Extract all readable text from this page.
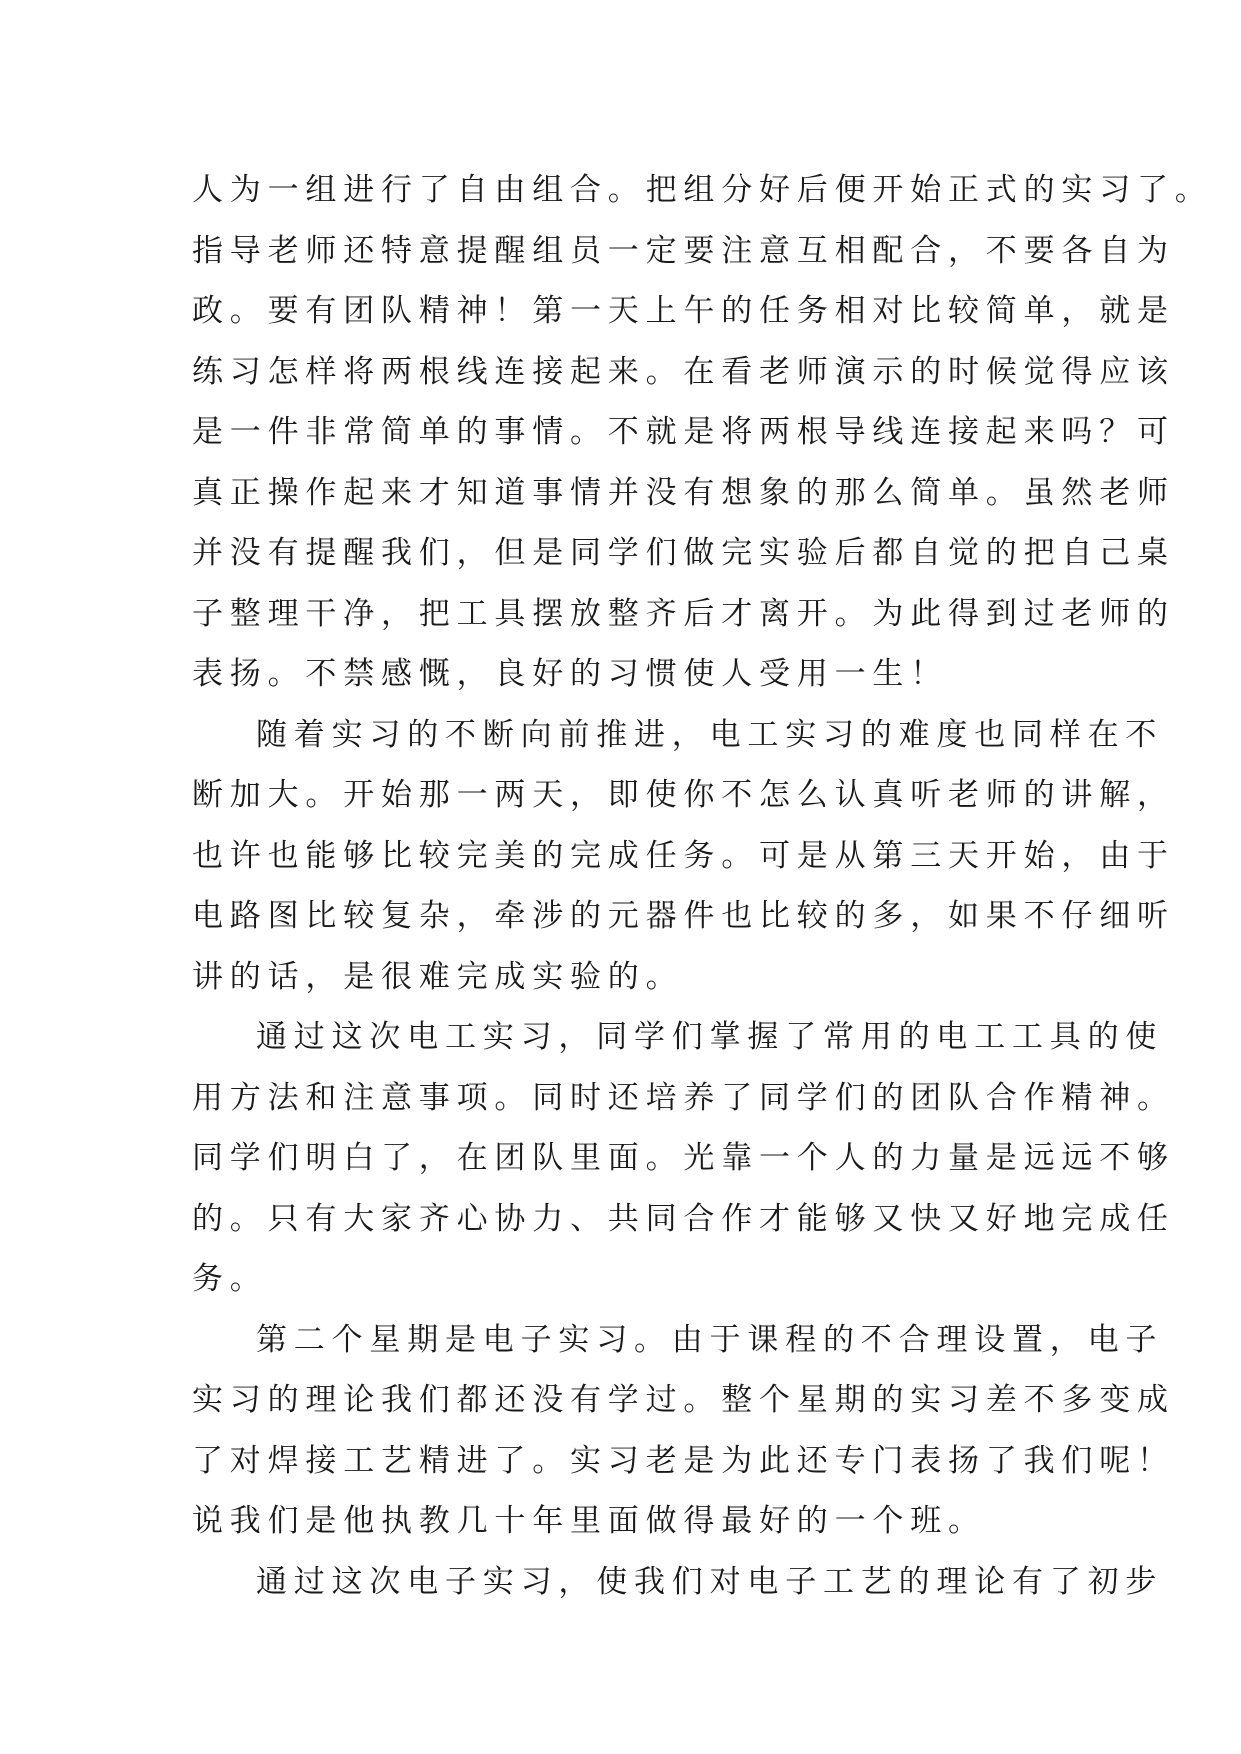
人为一组进行了自由组合。把组分好后便开始正式的实习了。
指导老师还特意提醒组员一定要注意互相配合，不要各自为
政。要有团队精神！第一天上午的任务相对比较简单，就是
练习怎样将两根线连接起来。在看老师演示的时候觉得应该
是一件非常简单的事情。不就是将两根导线连接起来吗？可
真正操作起来才知道事情并没有想象的那么简单。虽然老师
并没有提醒我们，但是同学们做完实验后都自觉的把自己桌
子整理干净，把工具摆放整齐后才离开。为此得到过老师的
表扬。不禁感慨，良好的习惯使人受用一生！
随着实习的不断向前推进，电工实习的难度也同样在不
断加大。开始那一两天，即使你不怎么认真听老师的讲解，
也许也能够比较完美的完成任务。可是从第三天开始，由于
电路图比较复杂，牵涉的元器件也比较的多，如果不仔细听
讲的话，是很难完成实验的。
通过这次电工实习，同学们掌握了常用的电工工具的使
用方法和注意事项。同时还培养了同学们的团队合作精神。
同学们明白了，在团队里面。光靠一个人的力量是远远不够
的。只有大家齐心协力、共同合作才能够又快又好地完成任
务。
第二个星期是电子实习。由于课程的不合理设置，电子
实习的理论我们都还没有学过。整个星期的实习差不多变成
了对焊接工艺精进了。实习老是为此还专门表扬了我们呢！
说我们是他执教几十年里面做得最好的一个班。
通过这次电子实习，使我们对电子工艺的理论有了初步
